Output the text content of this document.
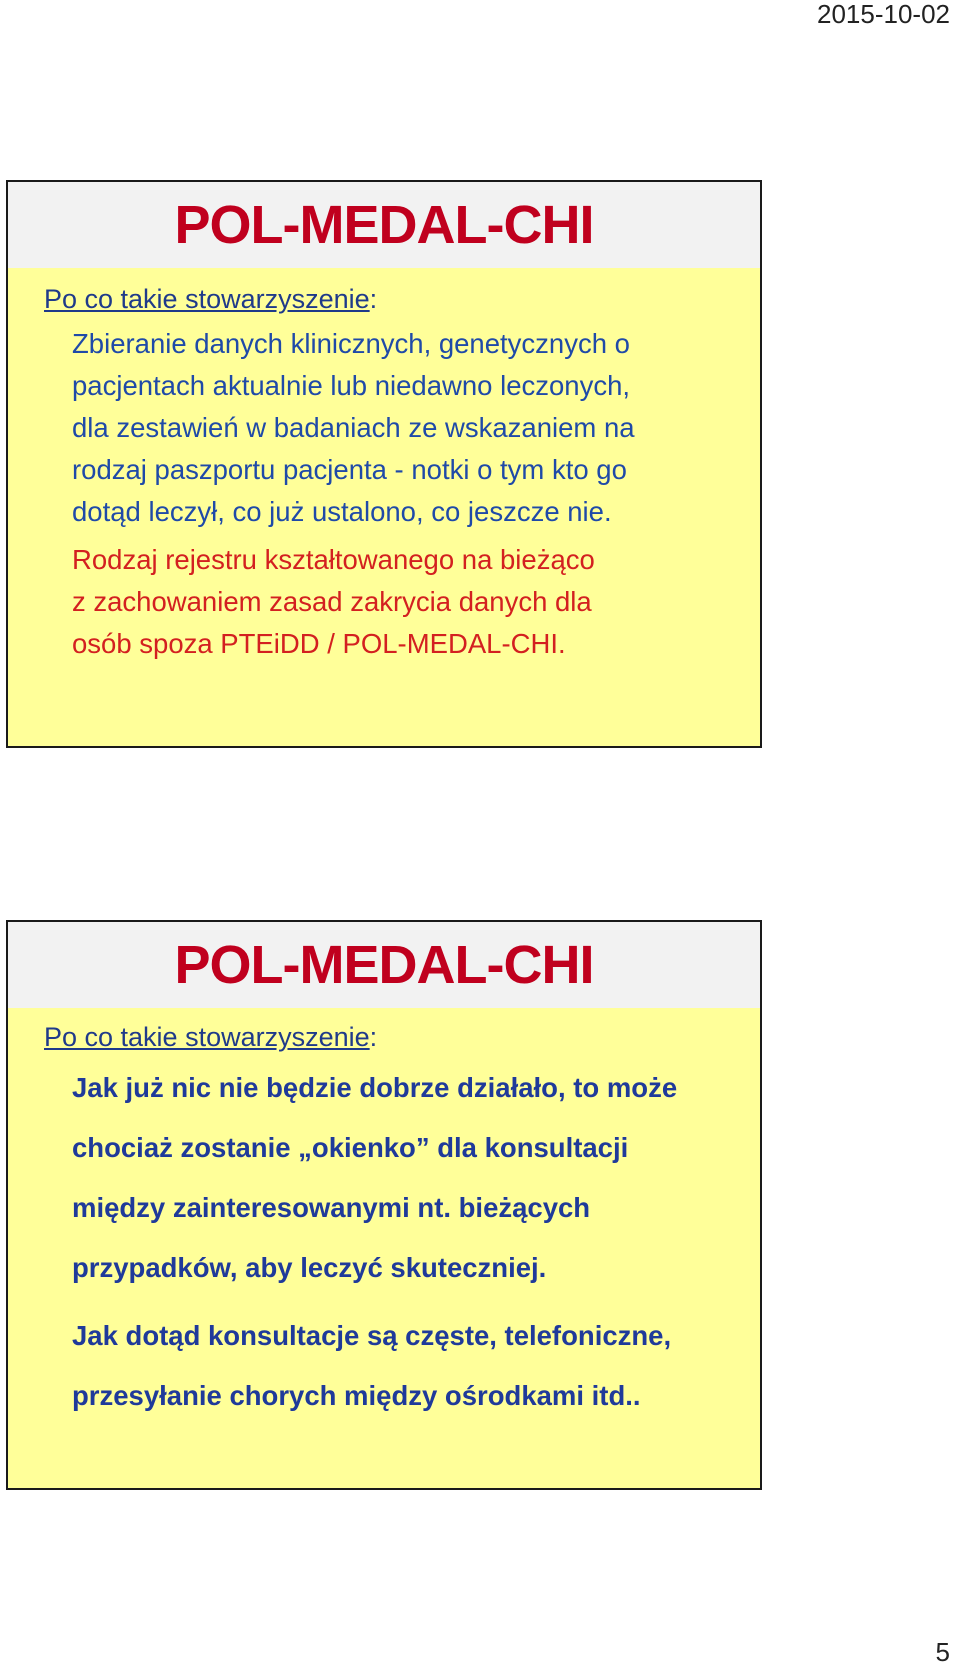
2015-10-02
POL-MEDAL-CHI
Po co takie stowarzyszenie:
Zbieranie danych klinicznych, genetycznych o
pacjentach aktualnie lub niedawno leczonych,
dla zestawień w badaniach ze wskazaniem na
rodzaj paszportu pacjenta - notki o tym kto go
dotąd leczył, co już ustalono, co jeszcze nie.
Rodzaj rejestru kształtowanego na bieżąco
z zachowaniem zasad zakrycia danych dla
osób spoza PTEiDD / POL-MEDAL-CHI.
POL-MEDAL-CHI
Po co takie stowarzyszenie:
Jak już nic nie będzie dobrze działało, to może
chociaż zostanie „okienko” dla konsultacji
między zainteresowanymi nt. bieżących
przypadków, aby leczyć skuteczniej.
Jak dotąd konsultacje są częste, telefoniczne,
przesyłanie chorych między ośrodkami itd..
5
